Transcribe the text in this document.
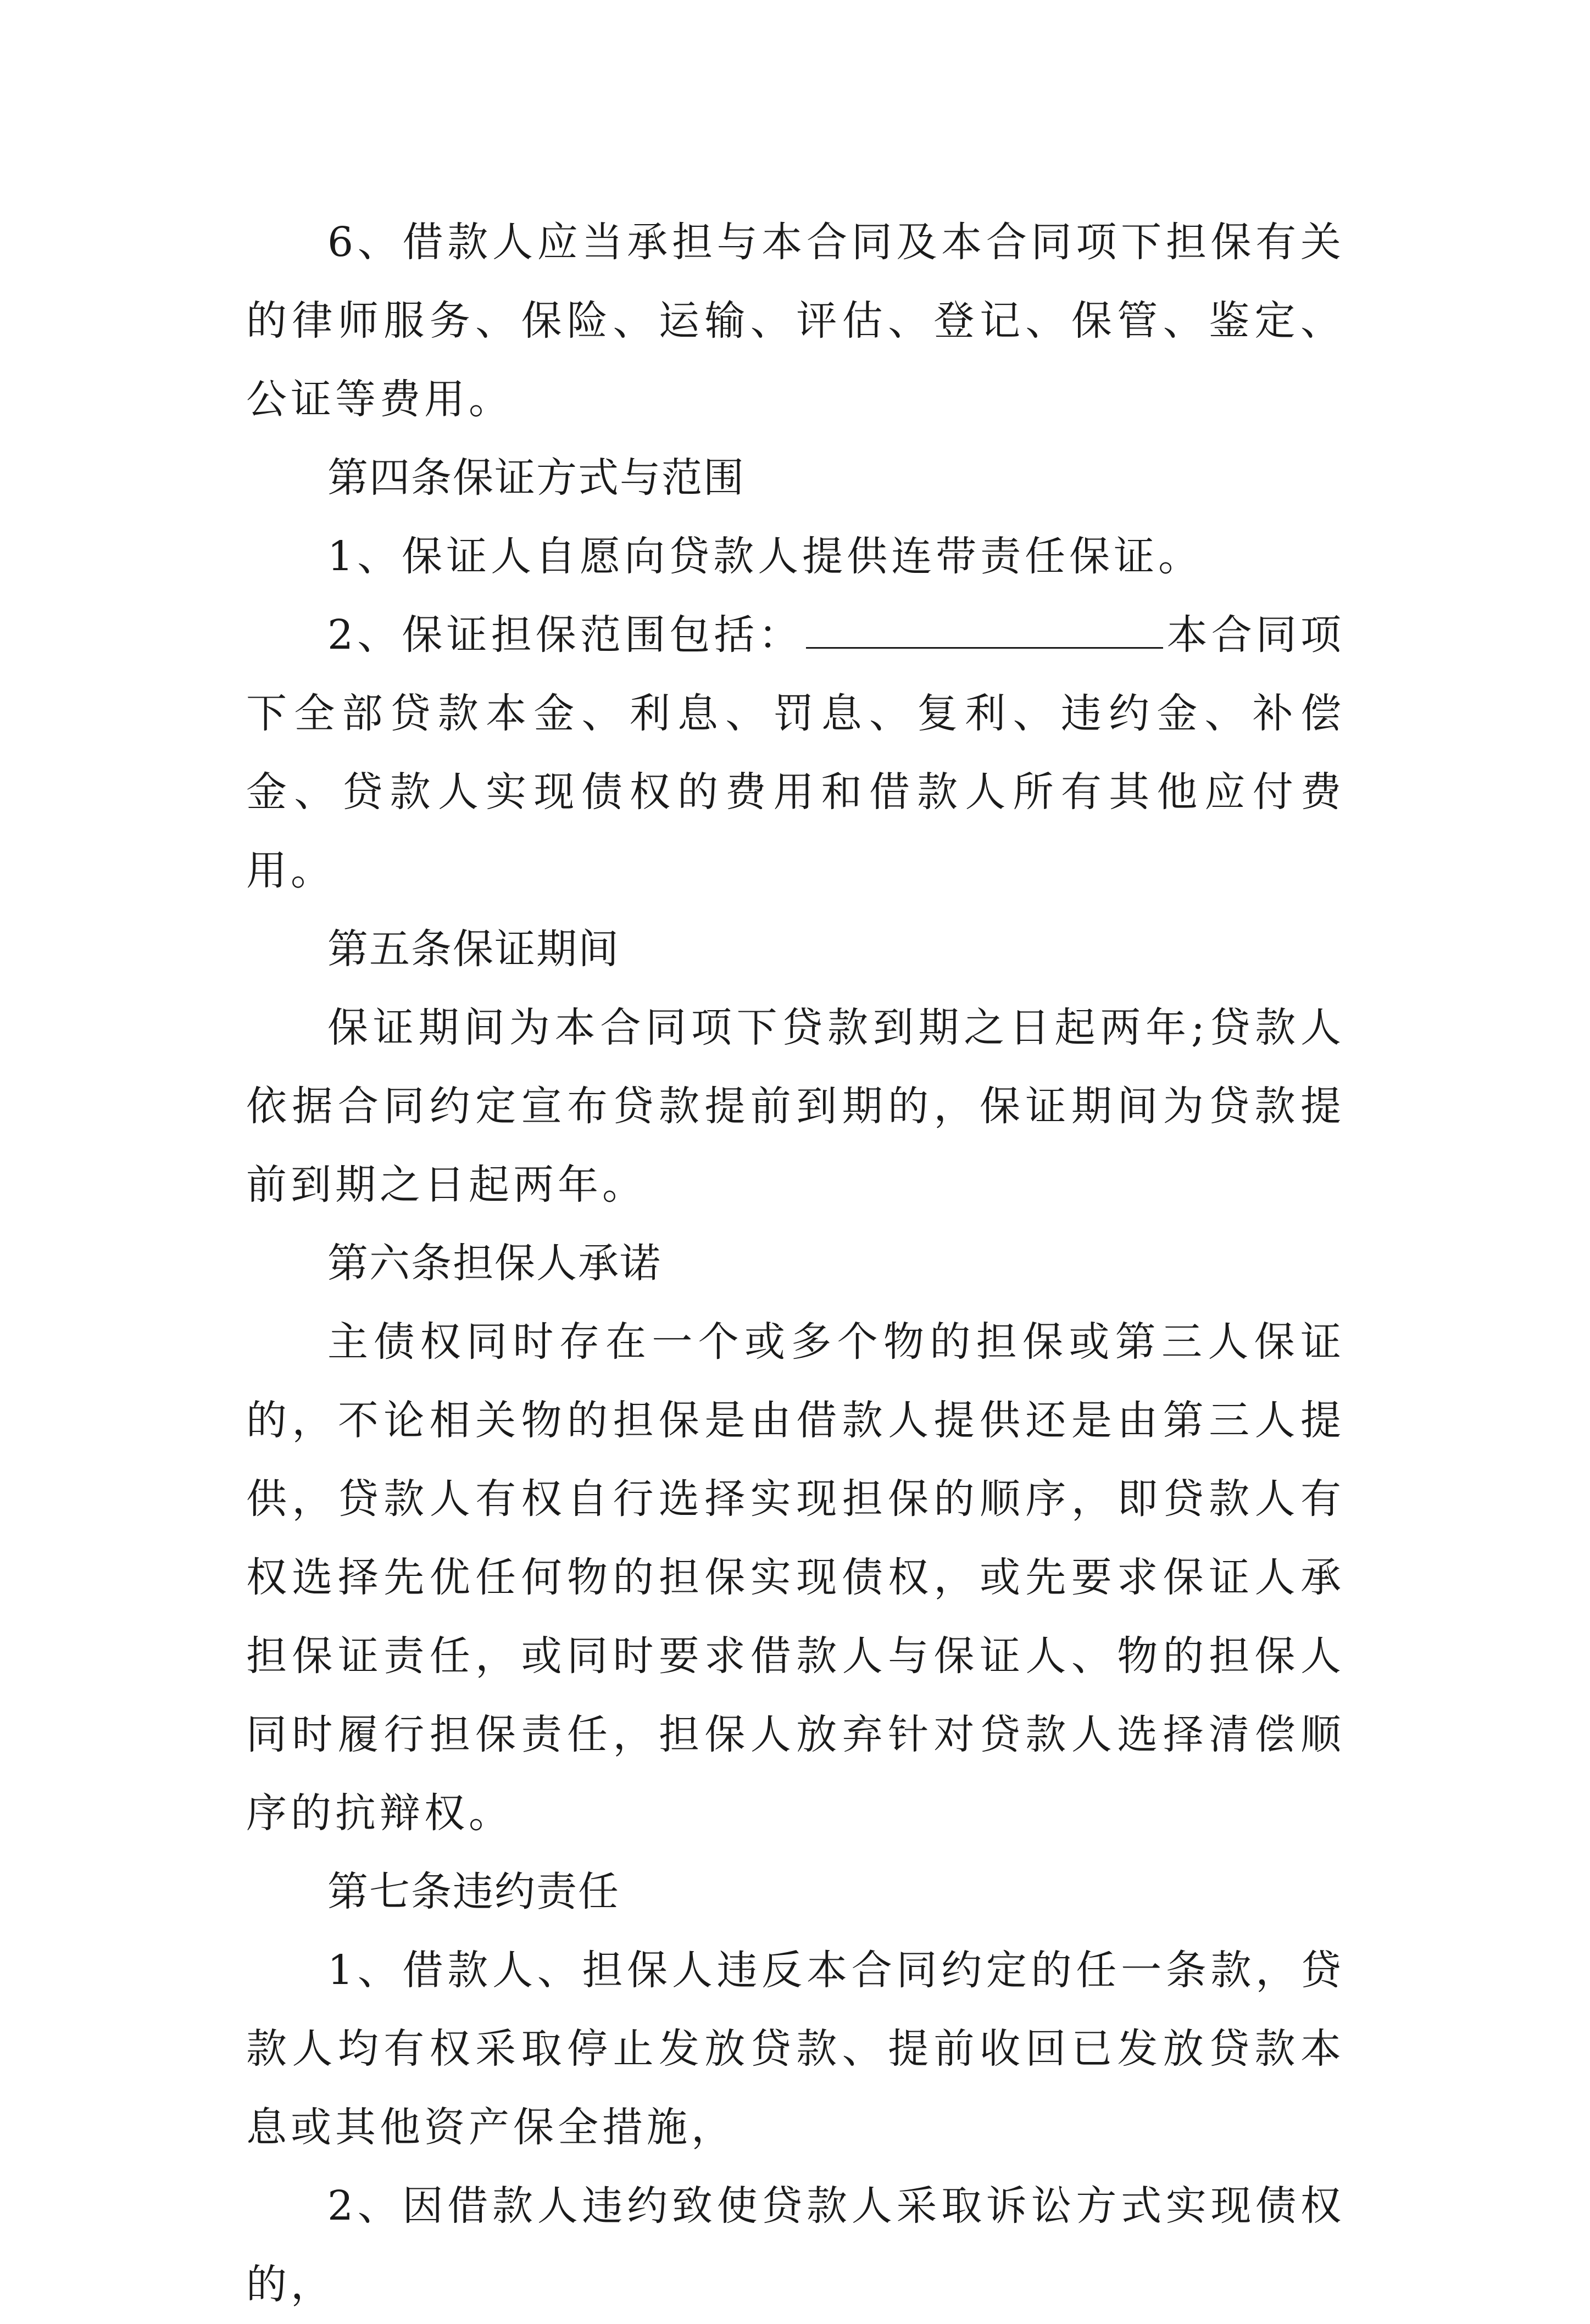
6、借款人应当承担与本合同及本合同项下担保有关的律师服务、保险、运输、评估、登记、保管、鉴定、公证等费用。

第四条保证方式与范围

1、保证人自愿向贷款人提供连带责任保证。

2、保证担保范围包括：	本合同项下全部贷款本金、利息、罚息、复利、违约金、补偿金、贷款人实现债权的费用和借款人所有其他应付费用。

第五条保证期间

保证期间为本合同项下贷款到期之日起两年;贷款人依据合同约定宣布贷款提前到期的，保证期间为贷款提前到期之日起两年。

第六条担保人承诺

主债权同时存在一个或多个物的担保或第三人保证的，不论相关物的担保是由借款人提供还是由第三人提供，贷款人有权自行选择实现担保的顺序，即贷款人有权选择先优任何物的担保实现债权，或先要求保证人承担保证责任，或同时要求借款人与保证人、物的担保人同时履行担保责任，担保人放弃针对贷款人选择清偿顺序的抗辩权。

第七条违约责任

1、借款人、担保人违反本合同约定的任一条款，贷款人均有权采取停止发放贷款、提前收回已发放贷款本息或其他资产保全措施，

2、因借款人违约致使贷款人采取诉讼方式实现债权的，
